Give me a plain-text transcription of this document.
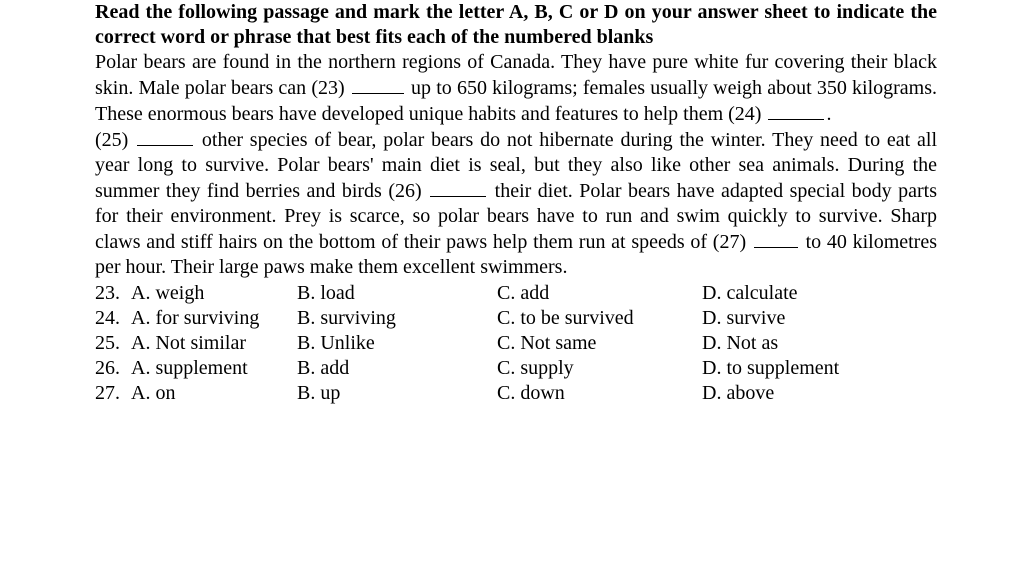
Read the following passage and mark the letter A, B, C or D on your answer sheet to indicate the correct word or phrase that best fits each of the numbered blanks
Polar bears are found in the northern regions of Canada. They have pure white fur covering their black skin. Male polar bears can (23)	up to 650 kilograms; females usually weigh about 350 kilograms. These enormous bears have developed unique habits and features to help them (24)	.
(25)	other species of bear, polar bears do not hibernate during the winter. They need to eat all year long to survive. Polar bears' main diet is seal, but they also like other sea animals. During the summer they find berries and birds (26)	their diet. Polar bears have adapted special body parts for their environment. Prey is scarce, so polar bears have to run and swim quickly to survive. Sharp claws and stiff hairs on the bottom of their paws help them run at speeds of (27)	to 40 kilometres per hour. Their large paws make them excellent swimmers.
23. A. weigh	B. load	C. add	D. calculate
24. A. for surviving B. surviving	C. to be survived	D. survive
25. A. Not similar	B. Unlike	C. Not same	D. Not as
26. A. supplement B. add	C. supply	D. to supplement
27. A. on	B. up	C. down	D. above
